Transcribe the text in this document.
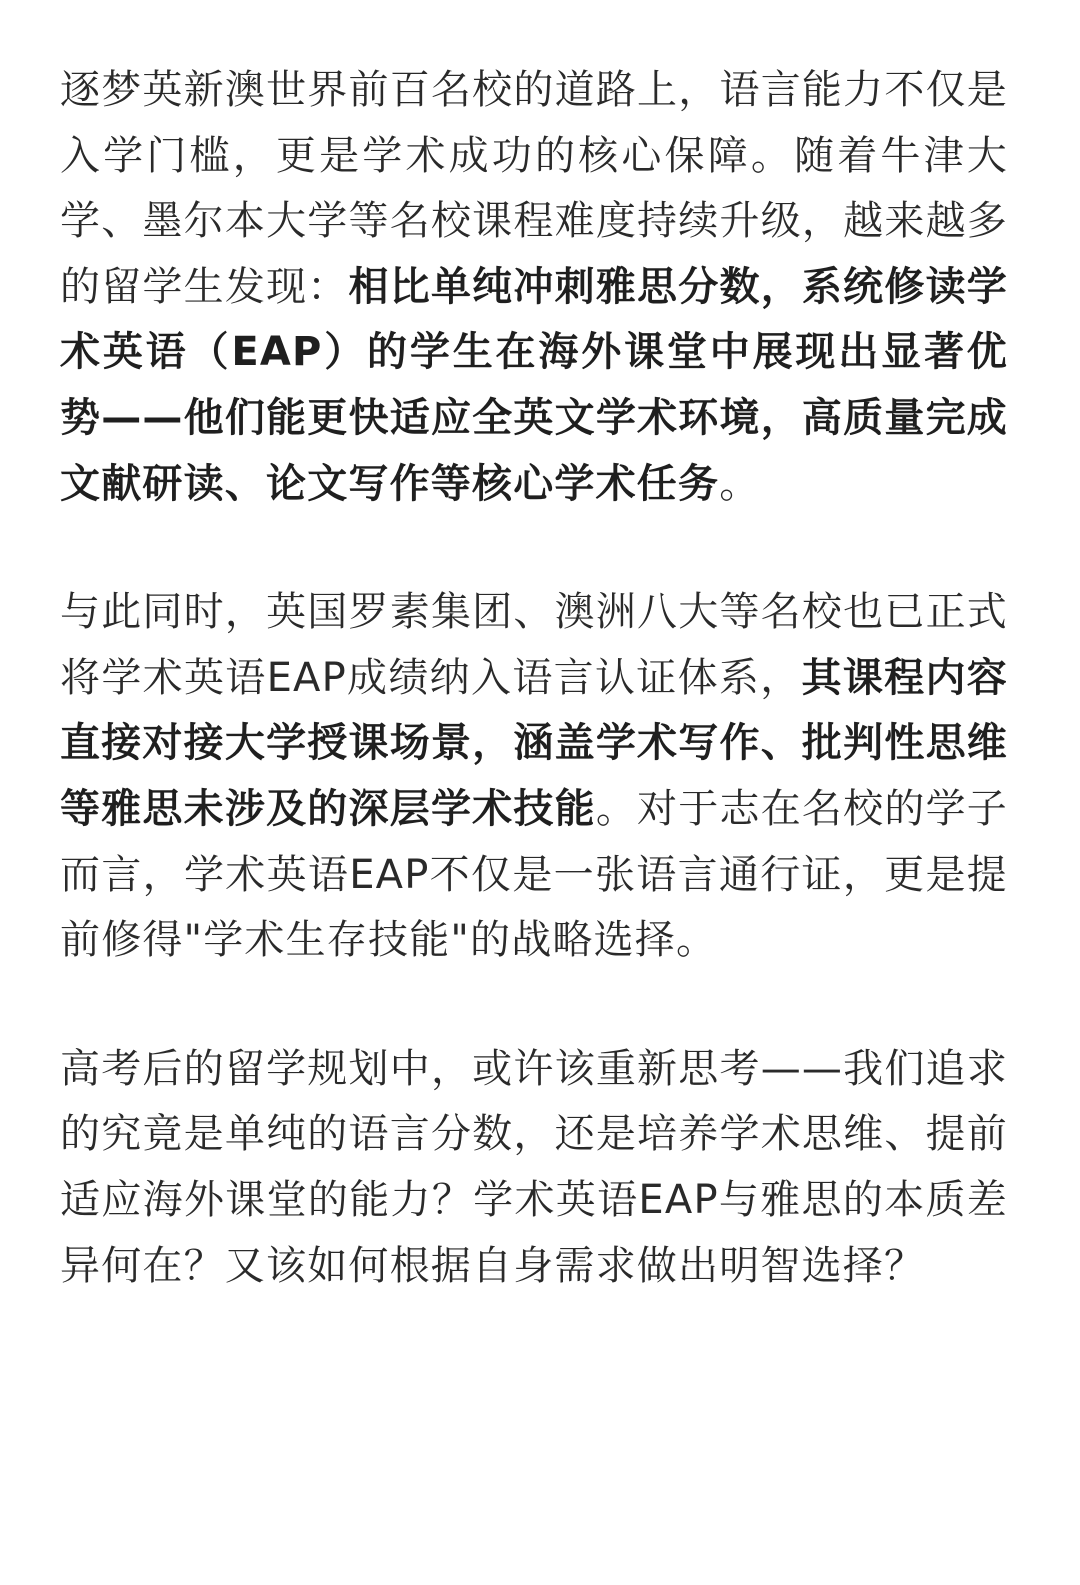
逐梦英新澳世界前百名校的道路上，语言能力不仅是入学门槛，更是学术成功的核心保障。随着牛津大学、墨尔本大学等名校课程难度持续升级，越来越多的留学生发现：相比单纯冲刺雅思分数，系统修读学术英语（EAP）的学生在海外课堂中展现出显著优势——他们能更快适应全英文学术环境，高质量完成文献研读、论文写作等核心学术任务。

与此同时，英国罗素集团、澳洲八大等名校也已正式将学术英语EAP成绩纳入语言认证体系，其课程内容直接对接大学授课场景，涵盖学术写作、批判性思维等雅思未涉及的深层学术技能。对于志在名校的学子而言，学术英语EAP不仅是一张语言通行证，更是提前修得"学术生存技能"的战略选择。

高考后的留学规划中，或许该重新思考——我们追求的究竟是单纯的语言分数，还是培养学术思维、提前适应海外课堂的能力？学术英语EAP与雅思的本质差异何在？又该如何根据自身需求做出明智选择？
